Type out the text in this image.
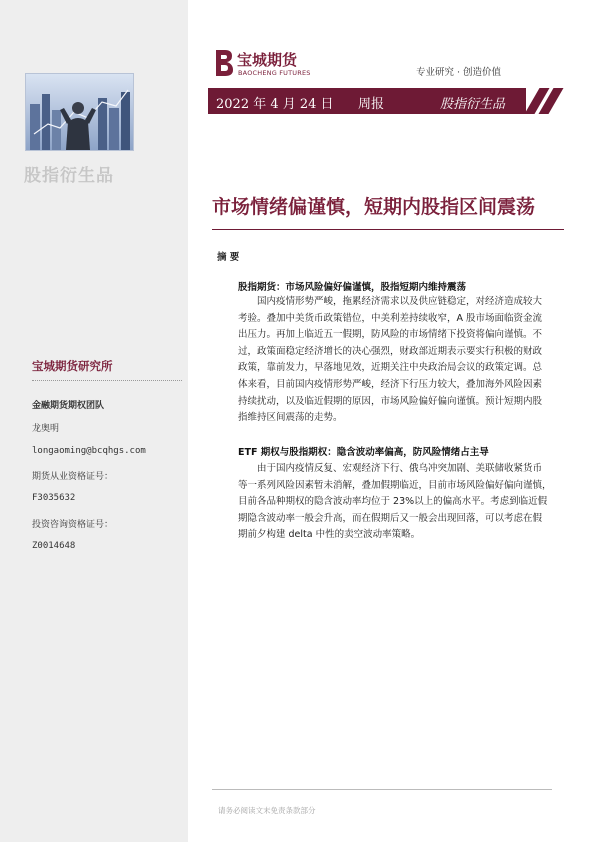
股指衍生品
宝城期货研究所
金融期货期权团队
龙奥明
longaoming@bcqhgs.com
期货从业资格证号：
F3035632
投资咨询资格证号：
Z0014648
宝城期货
BAOCHENG FUTURES	专业研究 · 创造价值
2022 年 4 月 24 日 周报	股指衍生品
市场情绪偏谨慎，短期内股指区间震荡
摘 要
股指期货：市场风险偏好偏谨慎，股指短期内维持震荡
国内疫情形势严峻，拖累经济需求以及供应链稳定，对经济造成较大
考验。叠加中美货币政策错位，中美利差持续收窄，A 股市场面临资金流
出压力。再加上临近五一假期，防风险的市场情绪下投资将偏向谨慎。不
过，政策面稳定经济增长的决心强烈，财政部近期表示要实行积极的财政
政策，靠前发力，早落地见效，近期关注中央政治局会议的政策定调。总
体来看，目前国内疫情形势严峻，经济下行压力较大，叠加海外风险因素
持续扰动，以及临近假期的原因，市场风险偏好偏向谨慎。预计短期内股
指维持区间震荡的走势。
ETF 期权与股指期权：隐含波动率偏高，防风险情绪占主导
由于国内疫情反复、宏观经济下行、俄乌冲突加剧、美联储收紧货币
等一系列风险因素暂未消解，叠加假期临近，目前市场风险偏好偏向谨慎，
目前各品种期权的隐含波动率均位于 23%以上的偏高水平。考虑到临近假
期隐含波动率一般会升高，而在假期后又一般会出现回落，可以考虑在假
期前夕构建 delta 中性的卖空波动率策略。
请务必阅读文末免责条款部分
